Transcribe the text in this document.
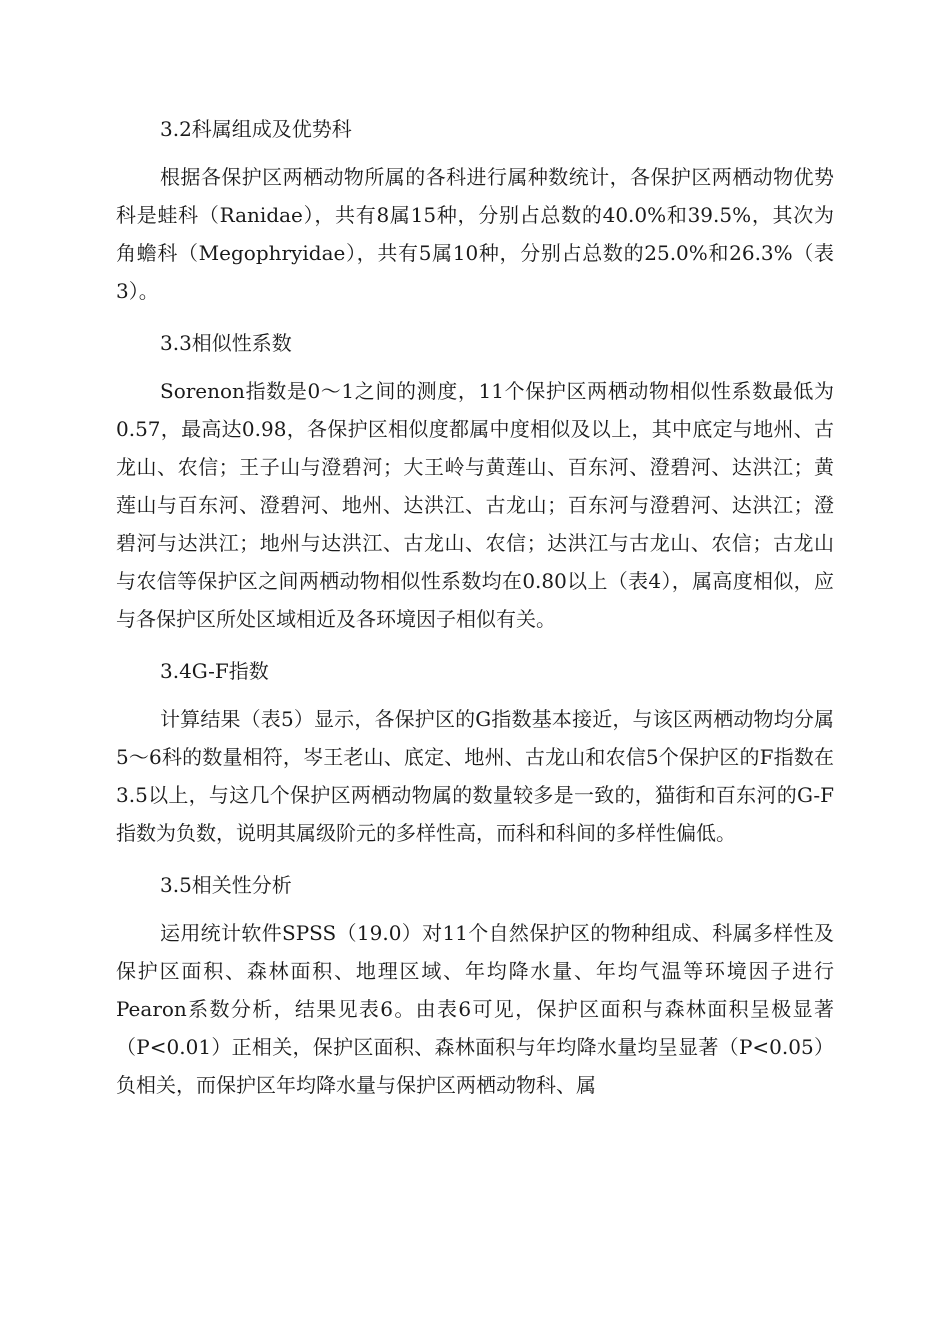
3.2科属组成及优势科

根据各保护区两栖动物所属的各科进行属种数统计，各保护区两栖动物优势科是蛙科（Ranidae），共有8属15种，分别占总数的40.0%和39.5%，其次为角蟾科（Megophryidae），共有5属10种，分别占总数的25.0%和26.3%（表3）。

3.3相似性系数

Sorenon指数是0～1之间的测度，11个保护区两栖动物相似性系数最低为0.57，最高达0.98，各保护区相似度都属中度相似及以上，其中底定与地州、古龙山、农信；王子山与澄碧河；大王岭与黄莲山、百东河、澄碧河、达洪江；黄莲山与百东河、澄碧河、地州、达洪江、古龙山；百东河与澄碧河、达洪江；澄碧河与达洪江；地州与达洪江、古龙山、农信；达洪江与古龙山、农信；古龙山与农信等保护区之间两栖动物相似性系数均在0.80以上（表4），属高度相似，应与各保护区所处区域相近及各环境因子相似有关。

3.4G-F指数

计算结果（表5）显示，各保护区的G指数基本接近，与该区两栖动物均分属5～6科的数量相符，岑王老山、底定、地州、古龙山和农信5个保护区的F指数在3.5以上，与这几个保护区两栖动物属的数量较多是一致的，猫街和百东河的G-F指数为负数，说明其属级阶元的多样性高，而科和科间的多样性偏低。

3.5相关性分析

运用统计软件SPSS（19.0）对11个自然保护区的物种组成、科属多样性及保护区面积、森林面积、地理区域、年均降水量、年均气温等环境因子进行Pearon系数分析，结果见表6。由表6可见，保护区面积与森林面积呈极显著（P<0.01）正相关，保护区面积、森林面积与年均降水量均呈显著（P<0.05）负相关，而保护区年均降水量与保护区两栖动物科、属
